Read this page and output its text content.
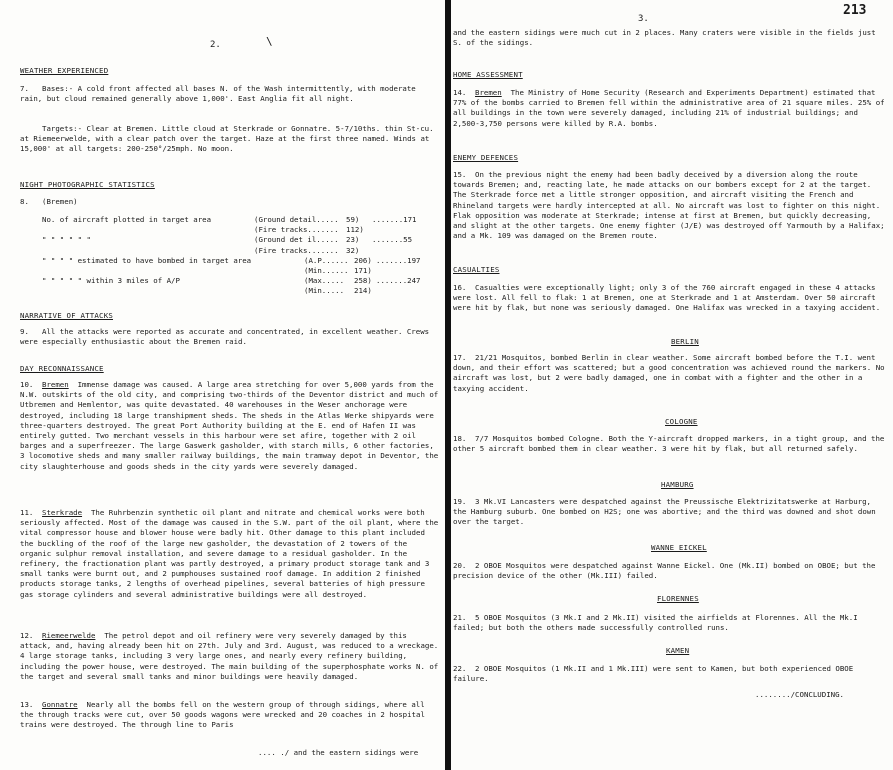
2.	\
WEATHER EXPERIENCED
7. Bases:- A cold front affected all bases N. of the Wash intermittently, with moderate rain, but cloud remained generally above 1,000'. East Anglia fit all night.
Targets:- Clear at Bremen. Little cloud at Sterkrade or Gonnatre. 5-7/10ths. thin St-cu. at Riemeerwelde, with a clear patch over the target. Haze at the first three named. Winds at 15,000' at all targets: 200-250°/25mph. No moon.
NIGHT PHOTOGRAPHIC STATISTICS
8. (Bremen)
No. of aircraft plotted in target area	(Ground detail..... 59) .......171
(Fire tracks....... 112)
" " " " " "	(Ground det il..... 23) .......55
(Fire tracks....... 32)
" " " " estimated to have bombed in target area	(A.P...... 206) .......197
(Min...... 171)
" " " " " within 3 miles of A/P	(Max..... 258) .......247
(Min..... 214)
NARRATIVE OF ATTACKS
9. All the attacks were reported as accurate and concentrated, in excellent weather. Crews were especially enthusiastic about the Bremen raid.
DAY RECONNAISSANCE
10. Bremen Immense damage was caused. A large area stretching for over 5,000 yards from the N.W. outskirts of the old city, and comprising two-thirds of the Deventor district and much of Utbremen and Hemlentor, was quite devastated. 40 warehouses in the Weser anchorage were destroyed, including 18 large transhipment sheds. The sheds in the Atlas Werke shipyards were three-quarters destroyed. The great Port Authority building at the E. end of Hafen II was entirely gutted. Two merchant vessels in this harbour were set afire, together with 2 oil barges and a superfreezer. The large Gaswerk gasholder, with starch mills, 6 other factories, 3 locomotive sheds and many smaller railway buildings, the main tramway depot in Deventor, the city slaughterhouse and goods sheds in the city yards were severely damaged.
11. Sterkrade The Ruhrbenzin synthetic oil plant and nitrate and chemical works were both seriously affected. Most of the damage was caused in the S.W. part of the oil plant, where the vital compressor house and blower house were badly hit. Other damage to this plant included the buckling of the roof of the large new gasholder, the devastation of 2 towers of the organic sulphur removal installation, and severe damage to a residual gasholder. In the refinery, the fractionation plant was partly destroyed, a primary product storage tank and 3 small tanks were burnt out, and 2 pumphouses sustained roof damage. In addition 2 finished products storage tanks, 2 lengths of overhead pipelines, several batteries of high pressure gas storage cylinders and several administrative buildings were all destroyed.
12. Riemeerwelde The petrol depot and oil refinery were very severely damaged by this attack, and, having already been hit on 27th. July and 3rd. August, was reduced to a wreckage. 4 large storage tanks, including 3 very large ones, and nearly every refinery building, including the power house, were destroyed. The main building of the superphosphate works N. of the target and several small tanks and minor buildings were heavily damaged.
13. Gonnatre Nearly all the bombs fell on the western group of through sidings, where all the through tracks were cut, over 50 goods wagons were wrecked and 20 coaches in 2 hospital trains were destroyed. The through line to Paris
.... ./ and the eastern sidings were
3.
213
and the eastern sidings were much cut in 2 places. Many craters were visible in the fields just S. of the sidings.
HOME ASSESSMENT
14. Bremen The Ministry of Home Security (Research and Experiments Department) estimated that 77% of the bombs carried to Bremen fell within the administrative area of 21 square miles. 25% of all buildings in the town were severely damaged, including 21% of industrial buildings; and 2,500-3,750 persons were killed by R.A. bombs.
ENEMY DEFENCES
15. On the previous night the enemy had been badly deceived by a diversion along the route towards Bremen; and, reacting late, he made attacks on our bombers except for 2 at the target. The Sterkrade force met a little stronger opposition, and aircraft visiting the French and Rhineland targets were hardly intercepted at all. No aircraft was lost to fighter on this night. Flak opposition was moderate at Sterkrade; intense at first at Bremen, but quickly decreasing, and slight at the other targets. One enemy fighter (J/E) was destroyed off Yarmouth by a Halifax; and a Mk. 109 was damaged on the Bremen route.
CASUALTIES
16. Casualties were exceptionally light; only 3 of the 760 aircraft engaged in these 4 attacks were lost. All fell to flak: 1 at Bremen, one at Sterkrade and 1 at Amsterdam. Over 50 aircraft were hit by flak, but none was seriously damaged. One Halifax was wrecked in a taxying accident.
BERLIN
17. 21/21 Mosquitos, bombed Berlin in clear weather. Some aircraft bombed before the T.I. went down, and their effort was scattered; but a good concentration was achieved round the markers. No aircraft was lost, but 2 were badly damaged, one in combat with a fighter and the other in a taxying accident.
COLOGNE
18. 7/7 Mosquitos bombed Cologne. Both the Y-aircraft dropped markers, in a tight group, and the other 5 aircraft bombed them in clear weather. 3 were hit by flak, but all returned safely.
HAMBURG
19. 3 Mk.VI Lancasters were despatched against the Preussische Elektrizitatswerke at Harburg, the Hamburg suburb. One bombed on H2S; one was abortive; and the third was downed and shot down over the target.
WANNE EICKEL
20. 2 OBOE Mosquitos were despatched against Wanne Eickel. One (Mk.II) bombed on OBOE; but the precision device of the other (Mk.III) failed.
FLORENNES
21. 5 OBOE Mosquitos (3 Mk.I and 2 Mk.II) visited the airfields at Florennes. All the Mk.I failed; but both the others made successfully controlled runs.
KAMEN
22. 2 OBOE Mosquitos (1 Mk.II and 1 Mk.III) were sent to Kamen, but both experienced OBOE failure.
......../CONCLUDING.
